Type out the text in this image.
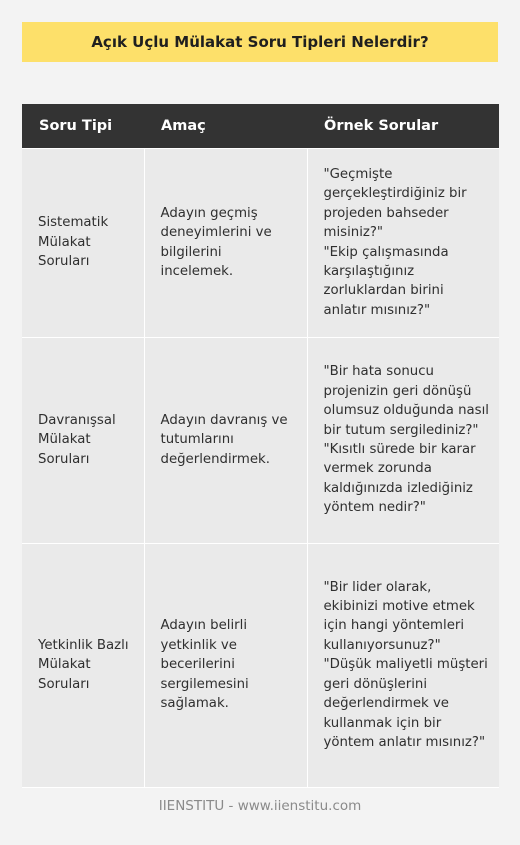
Açık Uçlu Mülakat Soru Tipleri Nelerdir?
Soru Tipi	Amaç	Örnek Sorular
Sistematik Mülakat Soruları	Adayın geçmiş deneyimlerini ve bilgilerini incelemek.	"Geçmişte gerçekleştirdiğiniz bir projeden bahseder misiniz?"
"Ekip çalışmasında karşılaştığınız zorluklardan birini anlatır mısınız?"

Davranışsal Mülakat Soruları	Adayın davranış ve tutumlarını değerlendirmek.	"Bir hata sonucu projenizin geri dönüşü olumsuz olduğunda nasıl bir tutum sergilediniz?"
"Kısıtlı sürede bir karar vermek zorunda kaldığınızda izlediğiniz yöntem nedir?"

Yetkinlik Bazlı Mülakat Soruları	Adayın belirli yetkinlik ve becerilerini sergilemesini sağlamak.	"Bir lider olarak, ekibinizi motive etmek için hangi yöntemleri kullanıyorsunuz?"
"Düşük maliyetli müşteri geri dönüşlerini değerlendirmek ve kullanmak için bir yöntem anlatır mısınız?"
IIENSTITU - www.iienstitu.com
